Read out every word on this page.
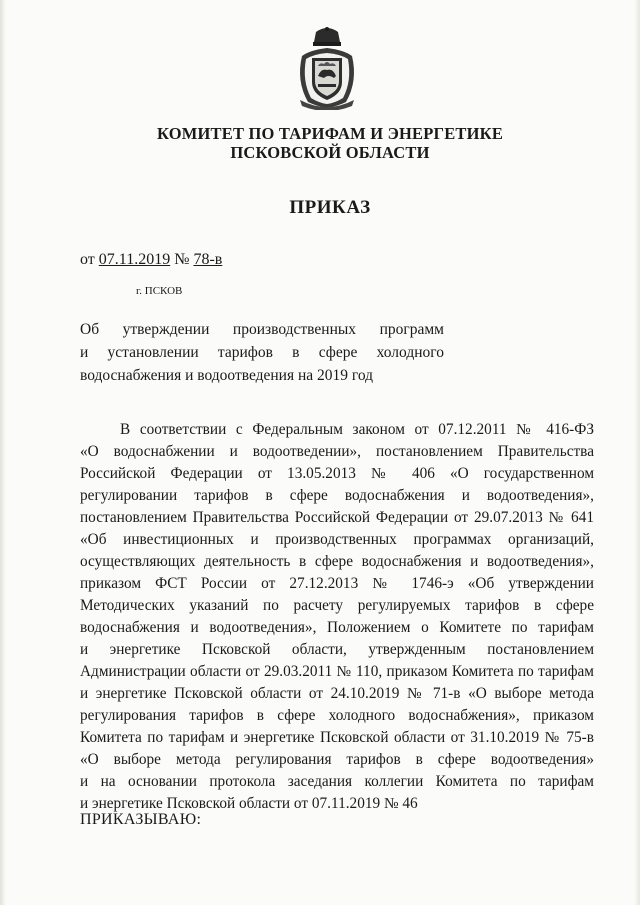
КОМИТЕТ ПО ТАРИФАМ И ЭНЕРГЕТИКЕ
ПСКОВСКОЙ ОБЛАСТИ
ПРИКАЗ
от 07.11.2019 № 78-в
г. ПСКОВ
Об утверждении производственных программ
и установлении тарифов в сфере холодного
водоснабжения и водоотведения на 2019 год
В соответствии с Федеральным законом от 07.12.2011 № 416-ФЗ
«О водоснабжении и водоотведении», постановлением Правительства
Российской Федерации от 13.05.2013 № 406 «О государственном
регулировании тарифов в сфере водоснабжения и водоотведения»,
постановлением Правительства Российской Федерации от 29.07.2013 № 641
«Об инвестиционных и производственных программах организаций,
осуществляющих деятельность в сфере водоснабжения и водоотведения»,
приказом ФСТ России от 27.12.2013 № 1746-э «Об утверждении
Методических указаний по расчету регулируемых тарифов в сфере
водоснабжения и водоотведения», Положением о Комитете по тарифам
и энергетике Псковской области, утвержденным постановлением
Администрации области от 29.03.2011 № 110, приказом Комитета по тарифам
и энергетике Псковской области от 24.10.2019 № 71-в «О выборе метода
регулирования тарифов в сфере холодного водоснабжения», приказом
Комитета по тарифам и энергетике Псковской области от 31.10.2019 № 75-в
«О выборе метода регулирования тарифов в сфере водоотведения»
и на основании протокола заседания коллегии Комитета по тарифам
и энергетике Псковской области от 07.11.2019 № 46
ПРИКАЗЫВАЮ:
